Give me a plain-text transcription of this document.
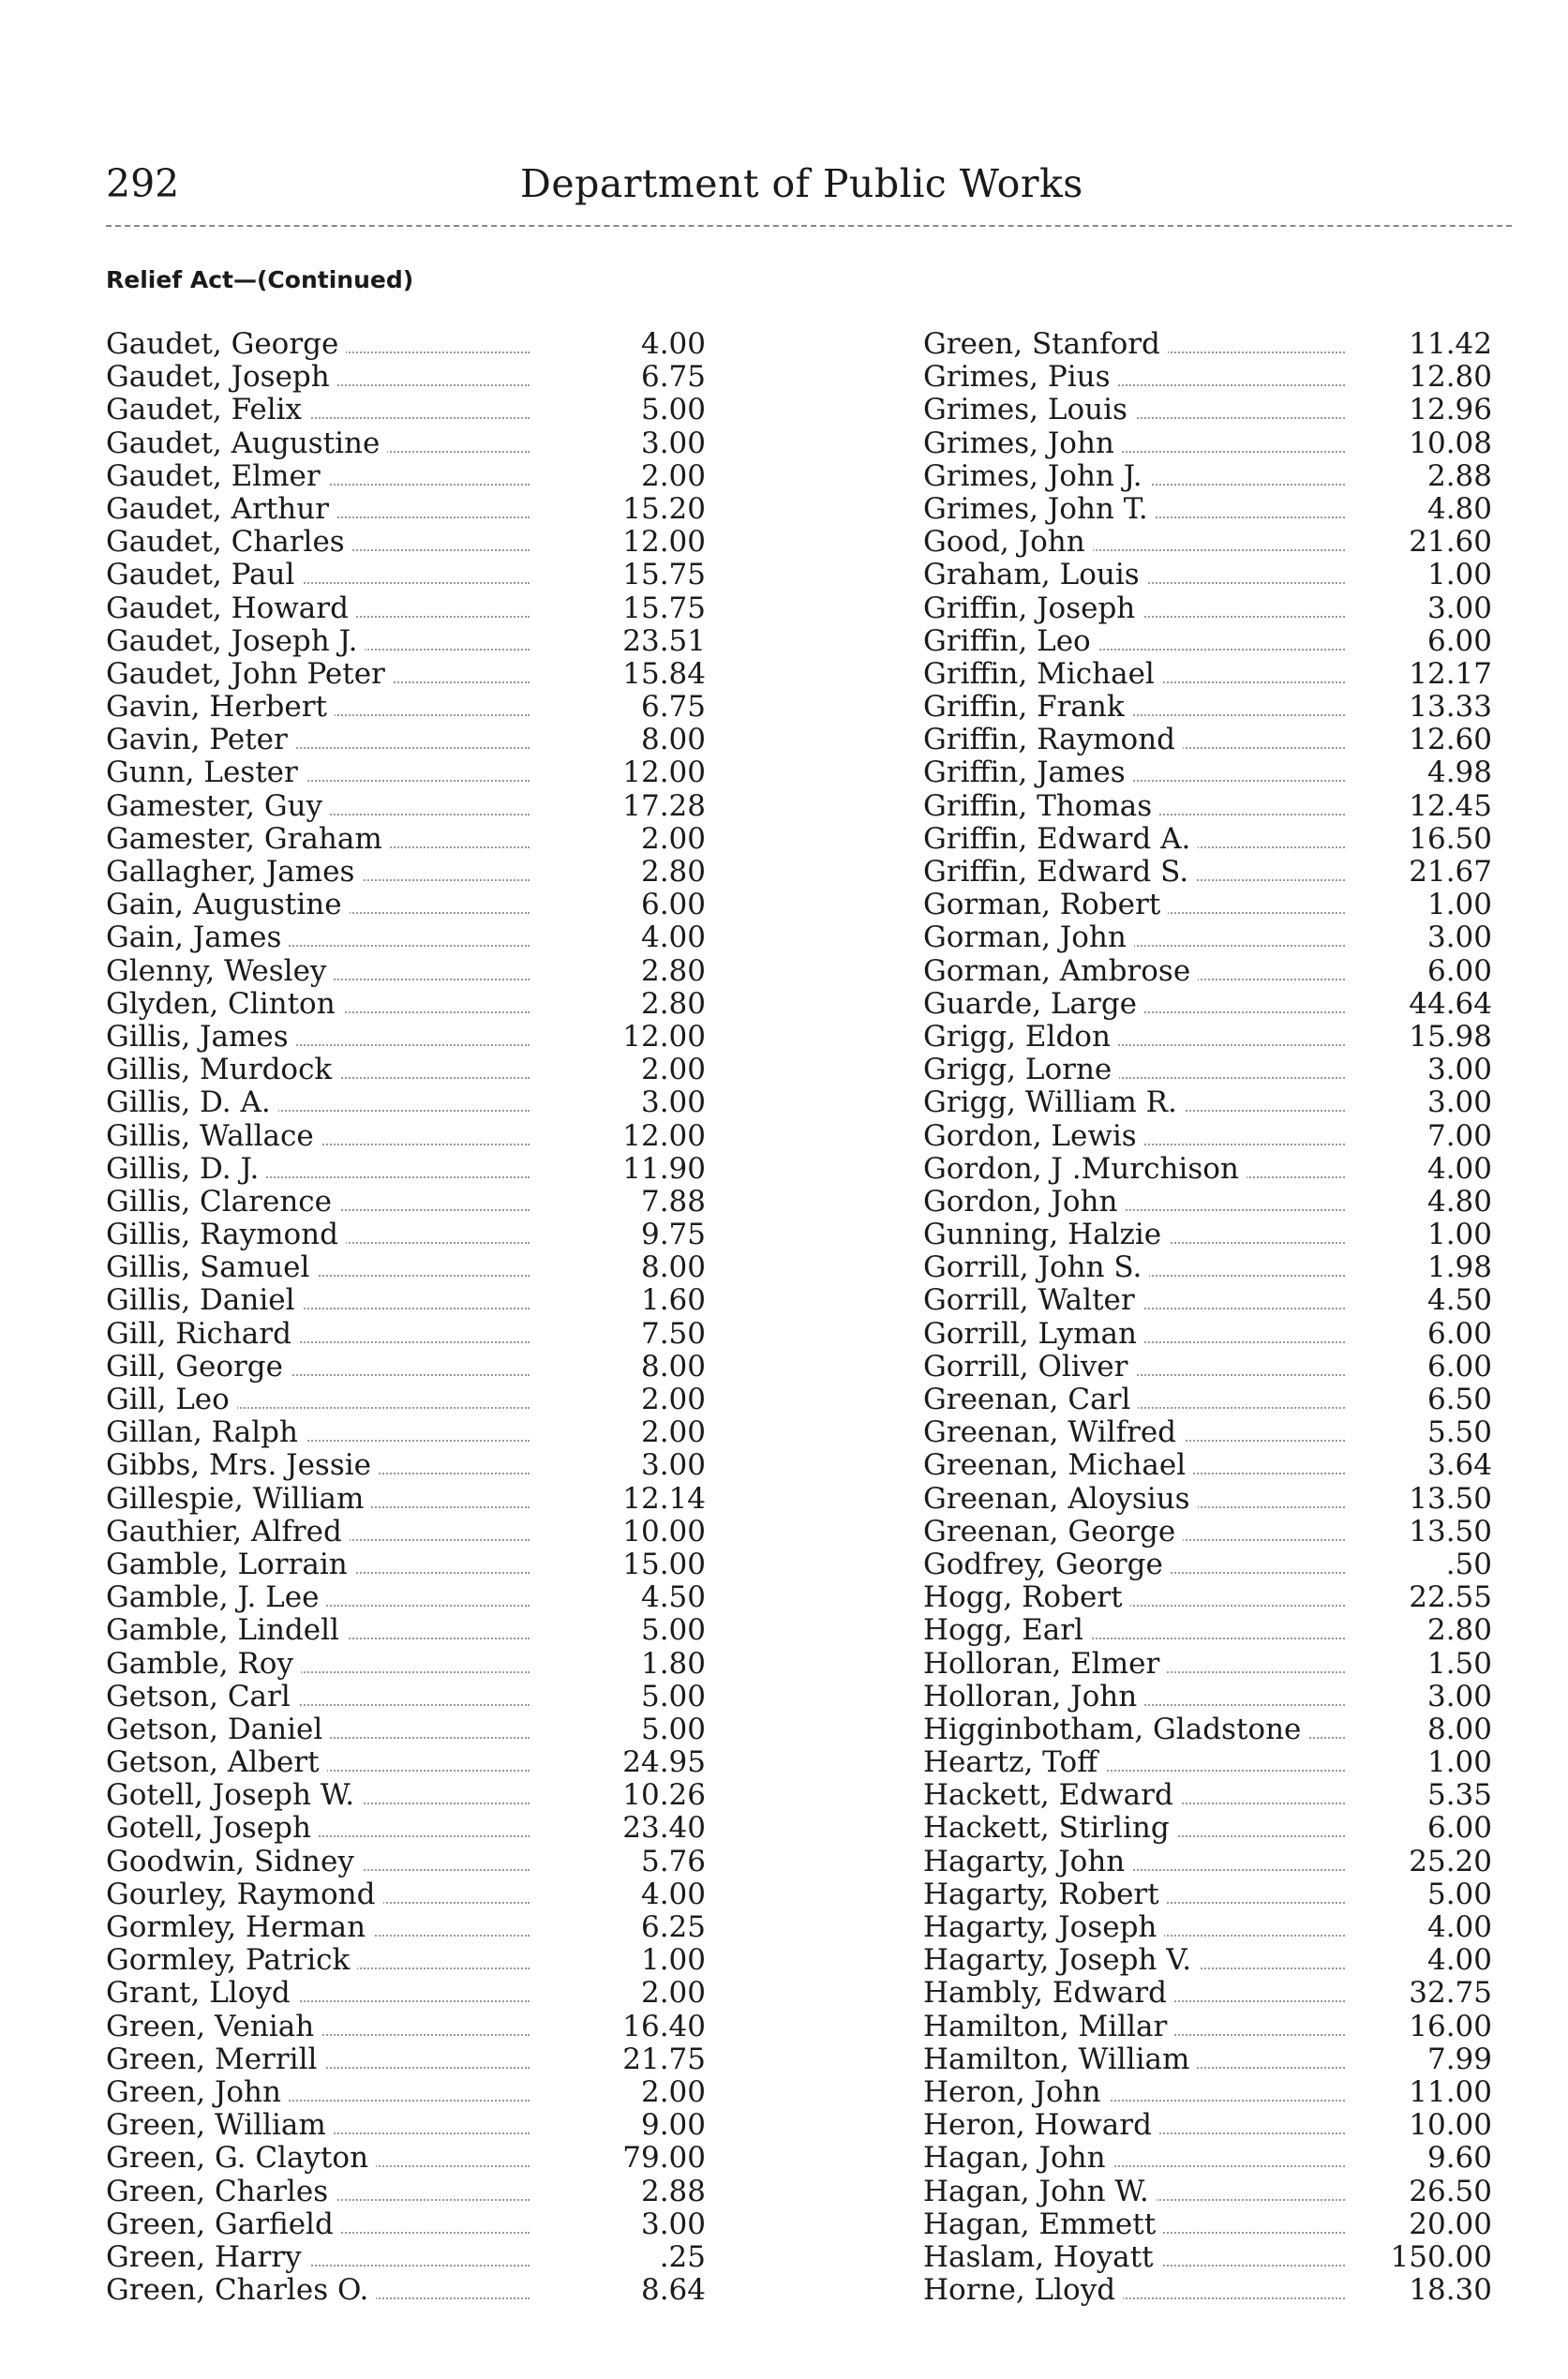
292	Department of Public Works
Relief Act—(Continued)
Gaudet, George	4.00
Gaudet, Joseph	6.75
Gaudet, Felix	5.00
Gaudet, Augustine	3.00
Gaudet, Elmer	2.00
Gaudet, Arthur	15.20
Gaudet, Charles	12.00
Gaudet, Paul	15.75
Gaudet, Howard	15.75
Gaudet, Joseph J.	23.51
Gaudet, John Peter	15.84
Gavin, Herbert	6.75
Gavin, Peter	8.00
Gunn, Lester	12.00
Gamester, Guy	17.28
Gamester, Graham	2.00
Gallagher, James	2.80
Gain, Augustine	6.00
Gain, James	4.00
Glenny, Wesley	2.80
Glyden, Clinton	2.80
Gillis, James	12.00
Gillis, Murdock	2.00
Gillis, D. A.	3.00
Gillis, Wallace	12.00
Gillis, D. J.	11.90
Gillis, Clarence	7.88
Gillis, Raymond	9.75
Gillis, Samuel	8.00
Gillis, Daniel	1.60
Gill, Richard	7.50
Gill, George	8.00
Gill, Leo	2.00
Gillan, Ralph	2.00
Gibbs, Mrs. Jessie	3.00
Gillespie, William	12.14
Gauthier, Alfred	10.00
Gamble, Lorrain	15.00
Gamble, J. Lee	4.50
Gamble, Lindell	5.00
Gamble, Roy	1.80
Getson, Carl	5.00
Getson, Daniel	5.00
Getson, Albert	24.95
Gotell, Joseph W.	10.26
Gotell, Joseph	23.40
Goodwin, Sidney	5.76
Gourley, Raymond	4.00
Gormley, Herman	6.25
Gormley, Patrick	1.00
Grant, Lloyd	2.00
Green, Veniah	16.40
Green, Merrill	21.75
Green, John	2.00
Green, William	9.00
Green, G. Clayton	79.00
Green, Charles	2.88
Green, Garfield	3.00
Green, Harry	.25
Green, Charles O.	8.64
Green, Stanford	11.42
Grimes, Pius	12.80
Grimes, Louis	12.96
Grimes, John	10.08
Grimes, John J.	2.88
Grimes, John T.	4.80
Good, John	21.60
Graham, Louis	1.00
Griffin, Joseph	3.00
Griffin, Leo	6.00
Griffin, Michael	12.17
Griffin, Frank	13.33
Griffin, Raymond	12.60
Griffin, James	4.98
Griffin, Thomas	12.45
Griffin, Edward A.	16.50
Griffin, Edward S.	21.67
Gorman, Robert	1.00
Gorman, John	3.00
Gorman, Ambrose	6.00
Guarde, Large	44.64
Grigg, Eldon	15.98
Grigg, Lorne	3.00
Grigg, William R.	3.00
Gordon, Lewis	7.00
Gordon, J .Murchison	4.00
Gordon, John	4.80
Gunning, Halzie	1.00
Gorrill, John S.	1.98
Gorrill, Walter	4.50
Gorrill, Lyman	6.00
Gorrill, Oliver	6.00
Greenan, Carl	6.50
Greenan, Wilfred	5.50
Greenan, Michael	3.64
Greenan, Aloysius	13.50
Greenan, George	13.50
Godfrey, George	.50
Hogg, Robert	22.55
Hogg, Earl	2.80
Holloran, Elmer	1.50
Holloran, John	3.00
Higginbotham, Gladstone	8.00
Heartz, Toff	1.00
Hackett, Edward	5.35
Hackett, Stirling	6.00
Hagarty, John	25.20
Hagarty, Robert	5.00
Hagarty, Joseph	4.00
Hagarty, Joseph V.	4.00
Hambly, Edward	32.75
Hamilton, Millar	16.00
Hamilton, William	7.99
Heron, John	11.00
Heron, Howard	10.00
Hagan, John	9.60
Hagan, John W.	26.50
Hagan, Emmett	20.00
Haslam, Hoyatt	150.00
Horne, Lloyd	18.30
